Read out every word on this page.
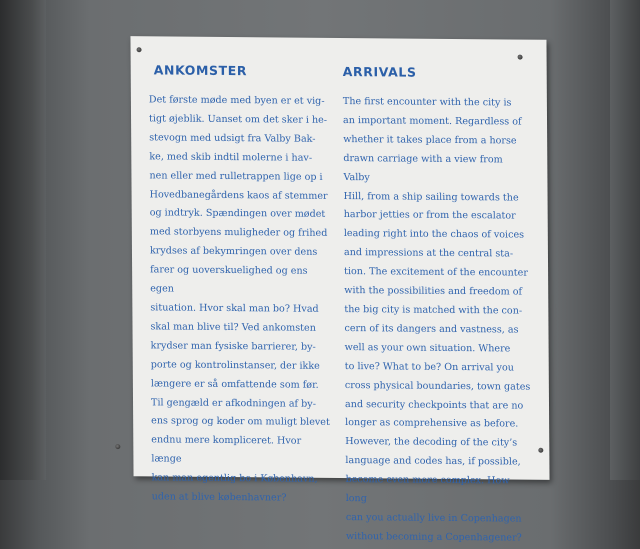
ANKOMSTER

Det første møde med byen er et vig-
tigt øjeblik. Uanset om det sker i he-
stevogn med udsigt fra Valby Bak-
ke, med skib indtil molerne i hav-
nen eller med rulletrappen lige op i
Hovedbanegårdens kaos af stemmer
og indtryk. Spændingen over mødet
med storbyens muligheder og frihed
krydses af bekymringen over dens
farer og uoverskuelighed og ens egen
situation. Hvor skal man bo? Hvad
skal man blive til? Ved ankomsten
krydser man fysiske barrierer, by-
porte og kontrolinstanser, der ikke
længere er så omfattende som før.
Til gengæld er afkodningen af by-
ens sprog og koder om muligt blevet
endnu mere kompliceret. Hvor længe
kan man egentlig bo i København,
uden at blive københavner?

ARRIVALS

The first encounter with the city is
an important moment. Regardless of
whether it takes place from a horse
drawn carriage with a view from Valby
Hill, from a ship sailing towards the
harbor jetties or from the escalator
leading right into the chaos of voices
and impressions at the central sta-
tion. The excitement of the encounter
with the possibilities and freedom of
the big city is matched with the con-
cern of its dangers and vastness, as
well as your own situation. Where
to live? What to be? On arrival you
cross physical boundaries, town gates
and security checkpoints that are no
longer as comprehensive as before.
However, the decoding of the city’s
language and codes has, if possible,
become even more complex. How long
can you actually live in Copenhagen
without becoming a Copenhagener?
